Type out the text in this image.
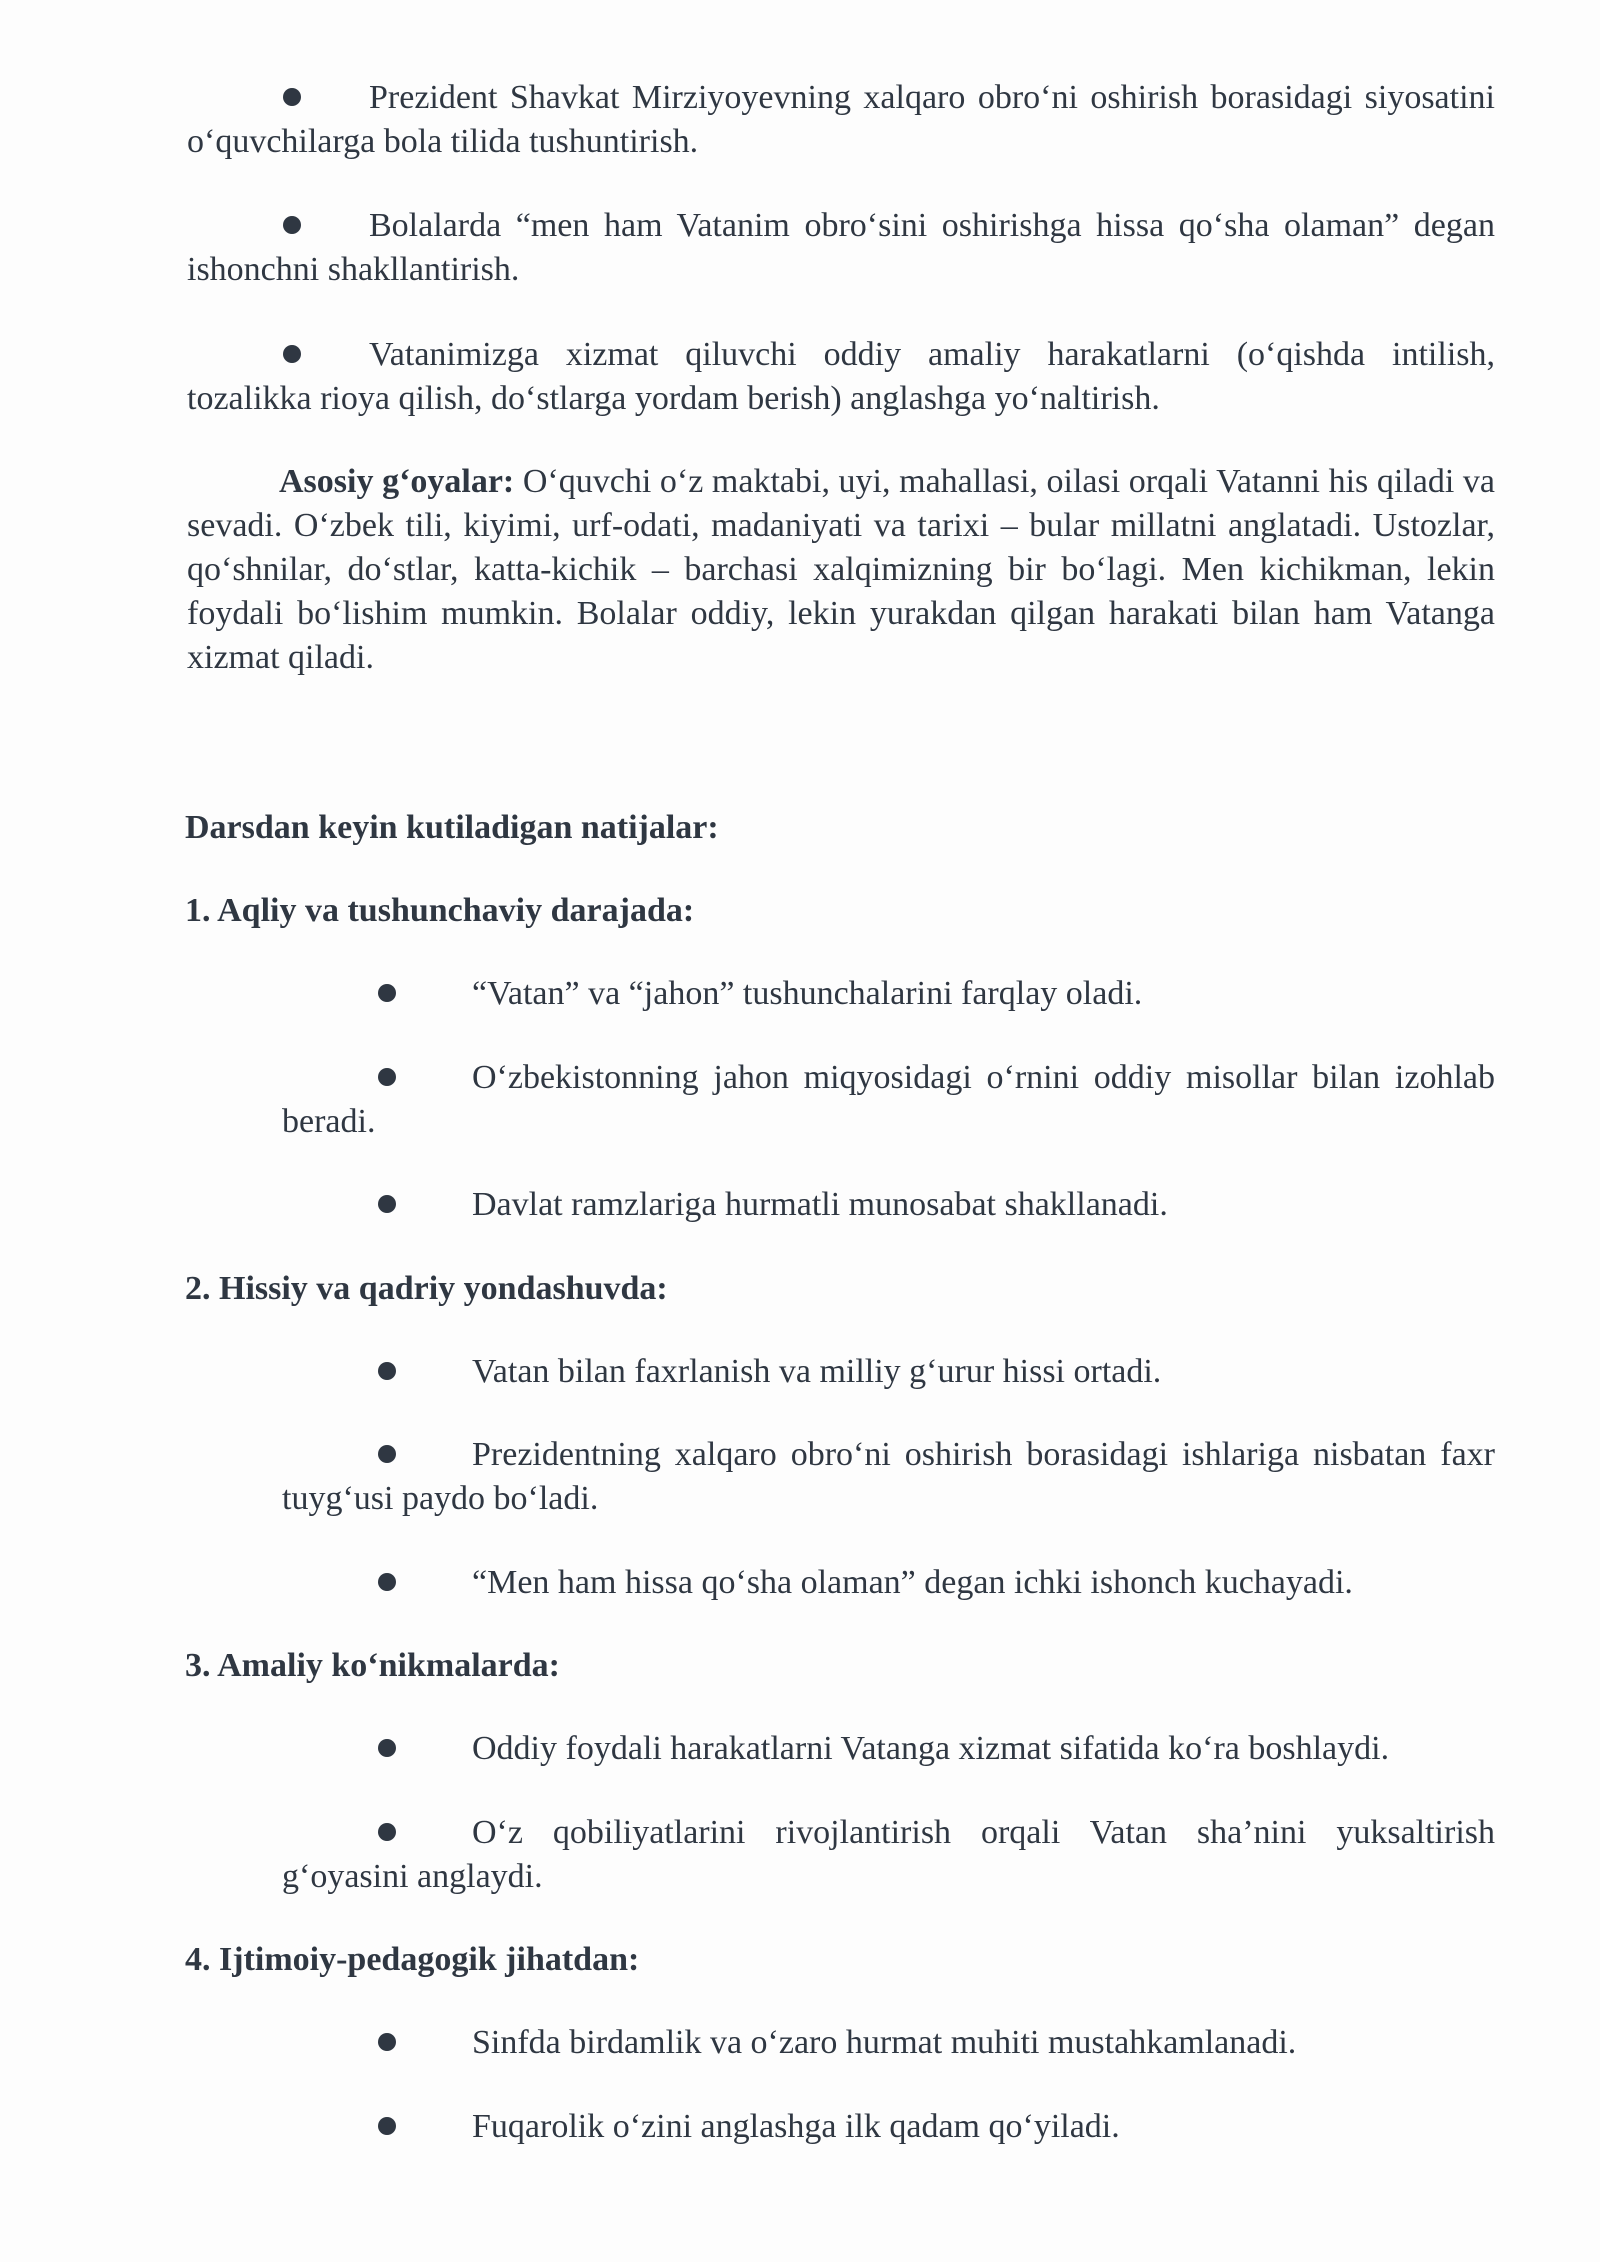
Prezident Shavkat Mirziyoyevning xalqaro obro‘ni oshirish borasidagi siyosatini o‘quvchilarga bola tilida tushuntirish.

Bolalarda “men ham Vatanim obro‘sini oshirishga hissa qo‘sha olaman” degan ishonchni shakllantirish.

Vatanimizga xizmat qiluvchi oddiy amaliy harakatlarni (o‘qishda intilish, tozalikka rioya qilish, do‘stlarga yordam berish) anglashga yo‘naltirish.

Asosiy g‘oyalar: O‘quvchi o‘z maktabi, uyi, mahallasi, oilasi orqali Vatanni his qiladi va sevadi. O‘zbek tili, kiyimi, urf-odati, madaniyati va tarixi – bular millatni anglatadi. Ustozlar, qo‘shnilar, do‘stlar, katta-kichik – barchasi xalqimizning bir bo‘lagi. Men kichikman, lekin foydali bo‘lishim mumkin. Bolalar oddiy, lekin yurakdan qilgan harakati bilan ham Vatanga xizmat qiladi.

Darsdan keyin kutiladigan natijalar:

1. Aqliy va tushunchaviy darajada:

“Vatan” va “jahon” tushunchalarini farqlay oladi.

O‘zbekistonning jahon miqyosidagi o‘rnini oddiy misollar bilan izohlab beradi.

Davlat ramzlariga hurmatli munosabat shakllanadi.

2. Hissiy va qadriy yondashuvda:

Vatan bilan faxrlanish va milliy g‘urur hissi ortadi.

Prezidentning xalqaro obro‘ni oshirish borasidagi ishlariga nisbatan faxr tuyg‘usi paydo bo‘ladi.

“Men ham hissa qo‘sha olaman” degan ichki ishonch kuchayadi.

3. Amaliy ko‘nikmalarda:

Oddiy foydali harakatlarni Vatanga xizmat sifatida ko‘ra boshlaydi.

O‘z qobiliyatlarini rivojlantirish orqali Vatan sha’nini yuksaltirish g‘oyasini anglaydi.

4. Ijtimoiy-pedagogik jihatdan:

Sinfda birdamlik va o‘zaro hurmat muhiti mustahkamlanadi.

Fuqarolik o‘zini anglashga ilk qadam qo‘yiladi.
